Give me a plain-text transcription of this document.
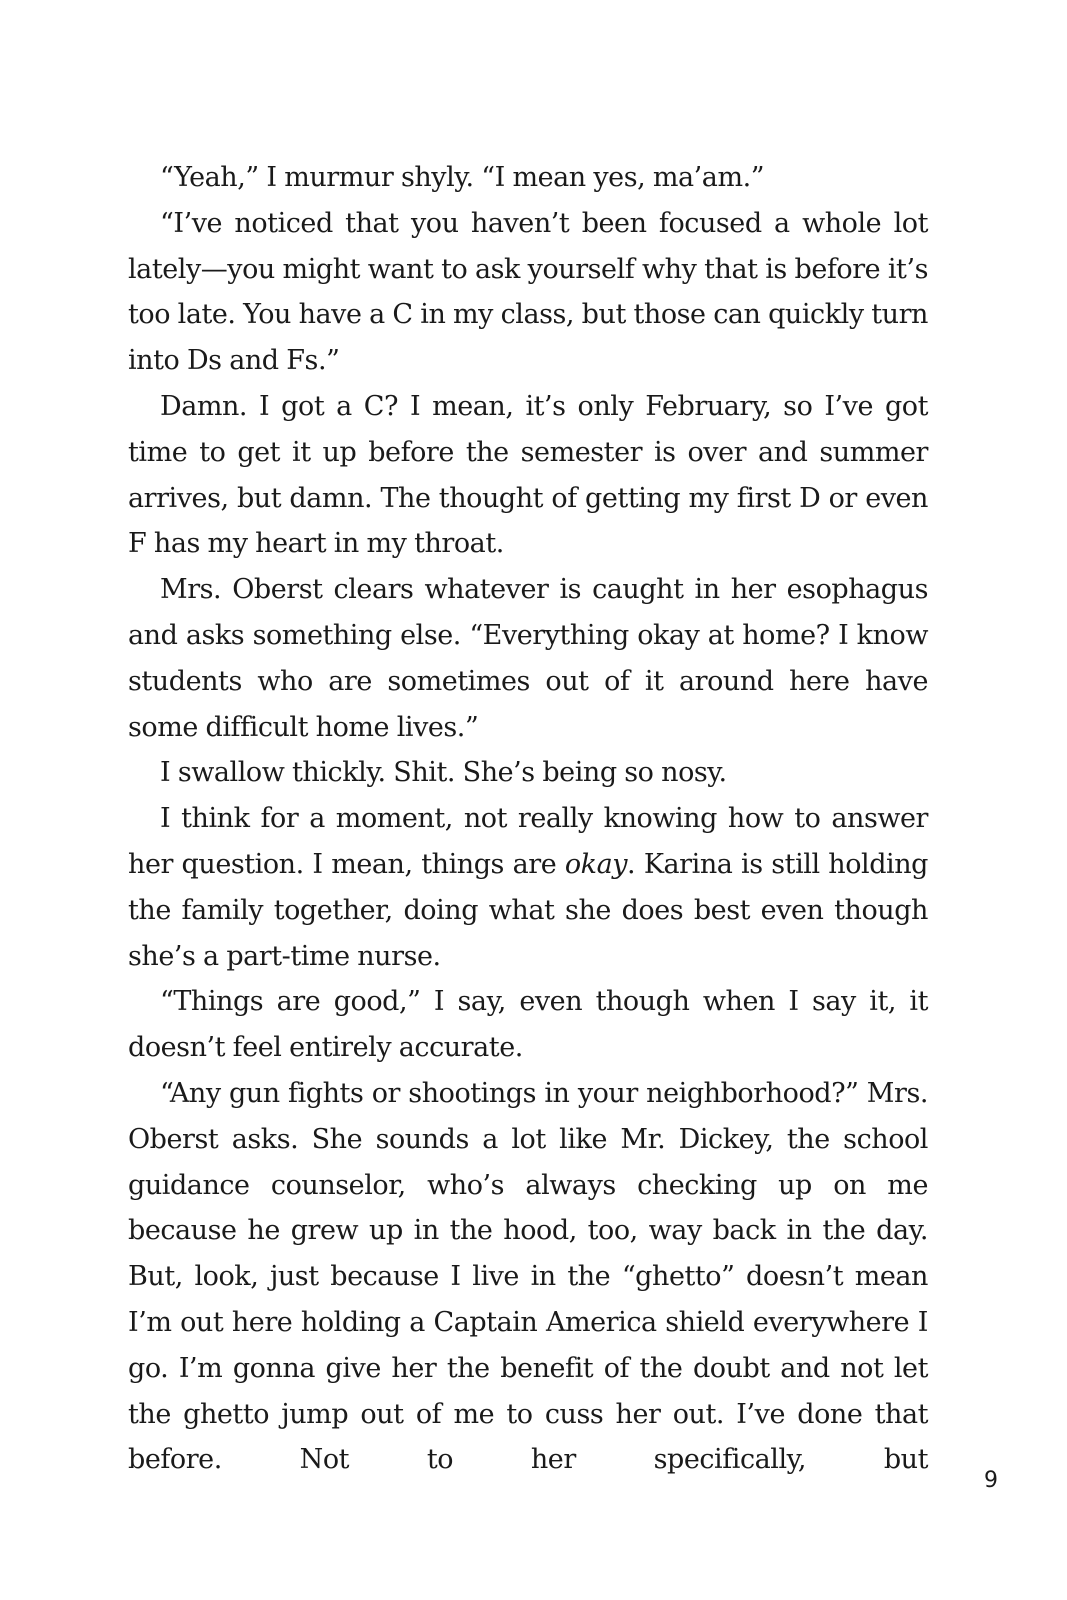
“Yeah,” I murmur shyly. “I mean yes, ma’am.”

“I’ve noticed that you haven’t been focused a whole lot lately—you might want to ask yourself why that is before it’s too late. You have a C in my class, but those can quickly turn into Ds and Fs.”

Damn. I got a C? I mean, it’s only February, so I’ve got time to get it up before the semester is over and summer arrives, but damn. The thought of getting my first D or even F has my heart in my throat.

Mrs. Oberst clears whatever is caught in her esophagus and asks something else. “Everything okay at home? I know students who are sometimes out of it around here have some difficult home lives.”

I swallow thickly. Shit. She’s being so nosy.

I think for a moment, not really knowing how to answer her question. I mean, things are okay. Karina is still holding the family together, doing what she does best even though she’s a part-time nurse.

“Things are good,” I say, even though when I say it, it doesn’t feel entirely accurate.

“Any gun fights or shootings in your neighborhood?” Mrs. Oberst asks. She sounds a lot like Mr. Dickey, the school guidance counselor, who’s always checking up on me because he grew up in the hood, too, way back in the day. But, look, just because I live in the “ghetto” doesn’t mean I’m out here holding a Captain America shield everywhere I go. I’m gonna give her the benefit of the doubt and not let the ghetto jump out of me to cuss her out. I’ve done that before. Not to her specifically, but

9
